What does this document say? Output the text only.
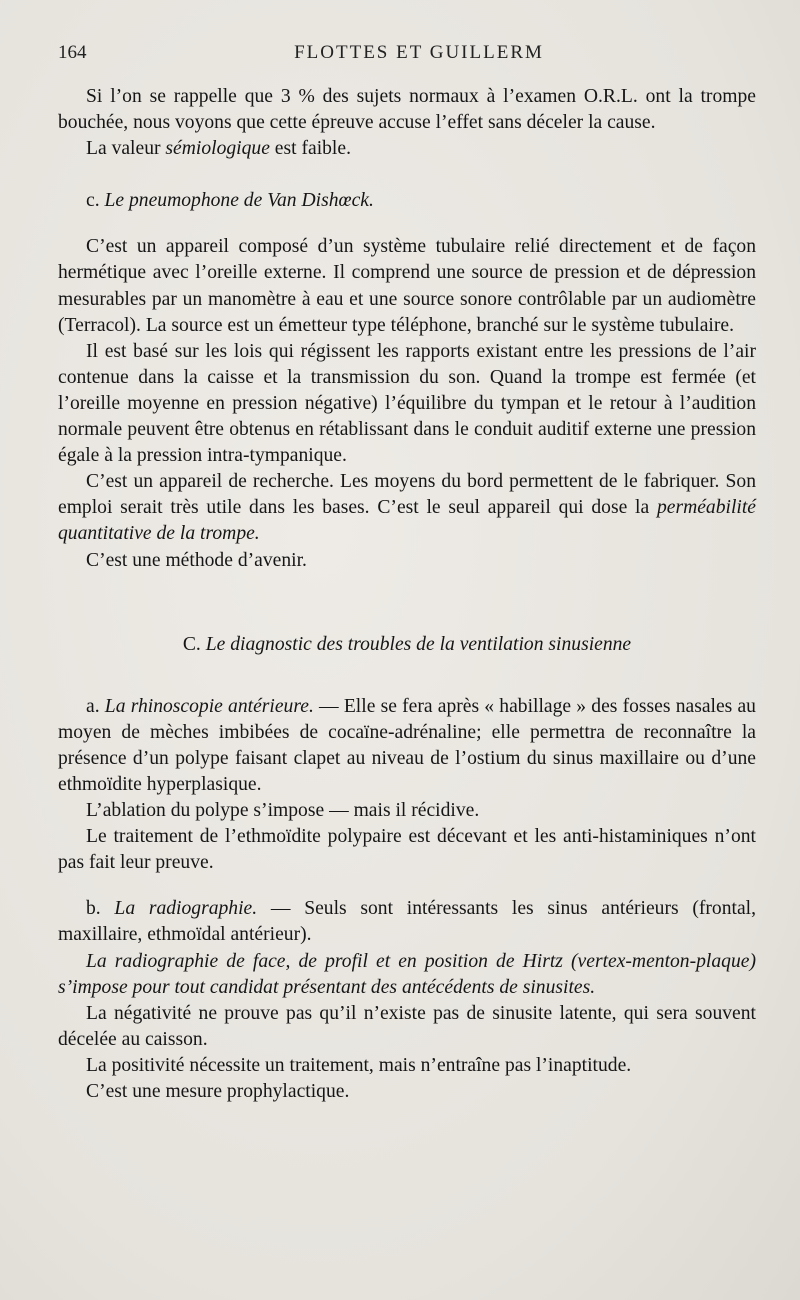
164	FLOTTES ET GUILLERM

Si l’on se rappelle que 3 % des sujets normaux à l’examen O.R.L. ont la trompe bouchée, nous voyons que cette épreuve accuse l’effet sans déceler la cause.

La valeur sémiologique est faible.

c. Le pneumophone de Van Dishœck.

C’est un appareil composé d’un système tubulaire relié directement et de façon hermétique avec l’oreille externe. Il comprend une source de pression et de dépression mesurables par un manomètre à eau et une source sonore contrôlable par un audiomètre (Terracol). La source est un émetteur type téléphone, branché sur le système tubulaire.

Il est basé sur les lois qui régissent les rapports existant entre les pressions de l’air contenue dans la caisse et la transmission du son. Quand la trompe est fermée (et l’oreille moyenne en pression négative) l’équilibre du tympan et le retour à l’audition normale peuvent être obtenus en rétablissant dans le conduit auditif externe une pression égale à la pression intra-tympanique.

C’est un appareil de recherche. Les moyens du bord permettent de le fabriquer. Son emploi serait très utile dans les bases. C’est le seul appareil qui dose la perméabilité quantitative de la trompe.

C’est une méthode d’avenir.

C. Le diagnostic des troubles de la ventilation sinusienne

a. La rhinoscopie antérieure. — Elle se fera après « habillage » des fosses nasales au moyen de mèches imbibées de cocaïne-adrénaline; elle permettra de reconnaître la présence d’un polype faisant clapet au niveau de l’ostium du sinus maxillaire ou d’une ethmoïdite hyperplasique.

L’ablation du polype s’impose — mais il récidive.

Le traitement de l’ethmoïdite polypaire est décevant et les anti-histaminiques n’ont pas fait leur preuve.

b. La radiographie. — Seuls sont intéressants les sinus antérieurs (frontal, maxillaire, ethmoïdal antérieur).

La radiographie de face, de profil et en position de Hirtz (vertex-menton-plaque) s’impose pour tout candidat présentant des antécédents de sinusites.

La négativité ne prouve pas qu’il n’existe pas de sinusite latente, qui sera souvent décelée au caisson.

La positivité nécessite un traitement, mais n’entraîne pas l’inaptitude.

C’est une mesure prophylactique.
